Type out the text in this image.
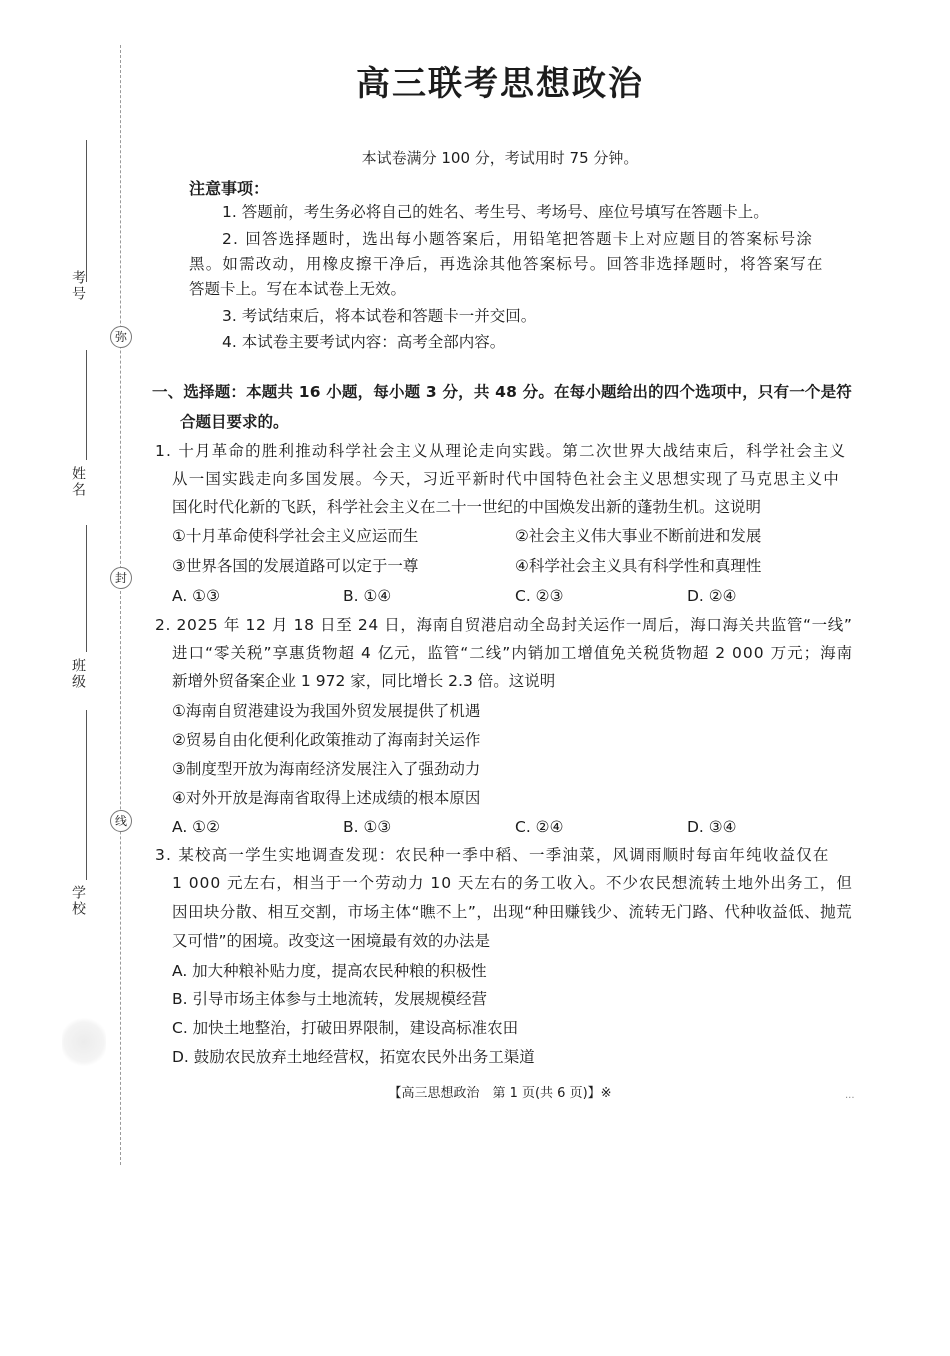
考号
姓名
班级
学校
弥
封
线
高三联考思想政治
本试卷满分 100 分，考试用时 75 分钟。
注意事项：
1. 答题前，考生务必将自己的姓名、考生号、考场号、座位号填写在答题卡上。
2. 回答选择题时，选出每小题答案后，用铅笔把答题卡上对应题目的答案标号涂
黑。如需改动，用橡皮擦干净后，再选涂其他答案标号。回答非选择题时，将答案写在
答题卡上。写在本试卷上无效。
3. 考试结束后，将本试卷和答题卡一并交回。
4. 本试卷主要考试内容：高考全部内容。
一、选择题：本题共 16 小题，每小题 3 分，共 48 分。在每小题给出的四个选项中，只有一个是符
合题目要求的。
1. 十月革命的胜利推动科学社会主义从理论走向实践。第二次世界大战结束后，科学社会主义
从一国实践走向多国发展。今天，习近平新时代中国特色社会主义思想实现了马克思主义中
国化时代化新的飞跃，科学社会主义在二十一世纪的中国焕发出新的蓬勃生机。这说明
①十月革命使科学社会主义应运而生	②社会主义伟大事业不断前进和发展
③世界各国的发展道路可以定于一尊	④科学社会主义具有科学性和真理性
A. ①③	B. ①④	C. ②③	D. ②④
2. 2025 年 12 月 18 日至 24 日，海南自贸港启动全岛封关运作一周后，海口海关共监管“一线”
进口“零关税”享惠货物超 4 亿元，监管“二线”内销加工增值免关税货物超 2 000 万元；海南
新增外贸备案企业 1 972 家，同比增长 2.3 倍。这说明
①海南自贸港建设为我国外贸发展提供了机遇
②贸易自由化便利化政策推动了海南封关运作
③制度型开放为海南经济发展注入了强劲动力
④对外开放是海南省取得上述成绩的根本原因
A. ①②	B. ①③	C. ②④	D. ③④
3. 某校高一学生实地调查发现：农民种一季中稻、一季油菜，风调雨顺时每亩年纯收益仅在
1 000 元左右，相当于一个劳动力 10 天左右的务工收入。不少农民想流转土地外出务工，但
因田块分散、相互交割，市场主体“瞧不上”，出现“种田赚钱少、流转无门路、代种收益低、抛荒
又可惜”的困境。改变这一困境最有效的办法是
A. 加大种粮补贴力度，提高农民种粮的积极性
B. 引导市场主体参与土地流转，发展规模经营
C. 加快土地整治，打破田界限制，建设高标准农田
D. 鼓励农民放弃土地经营权，拓宽农民外出务工渠道
【高三思想政治　第 1 页(共 6 页)】※	...
